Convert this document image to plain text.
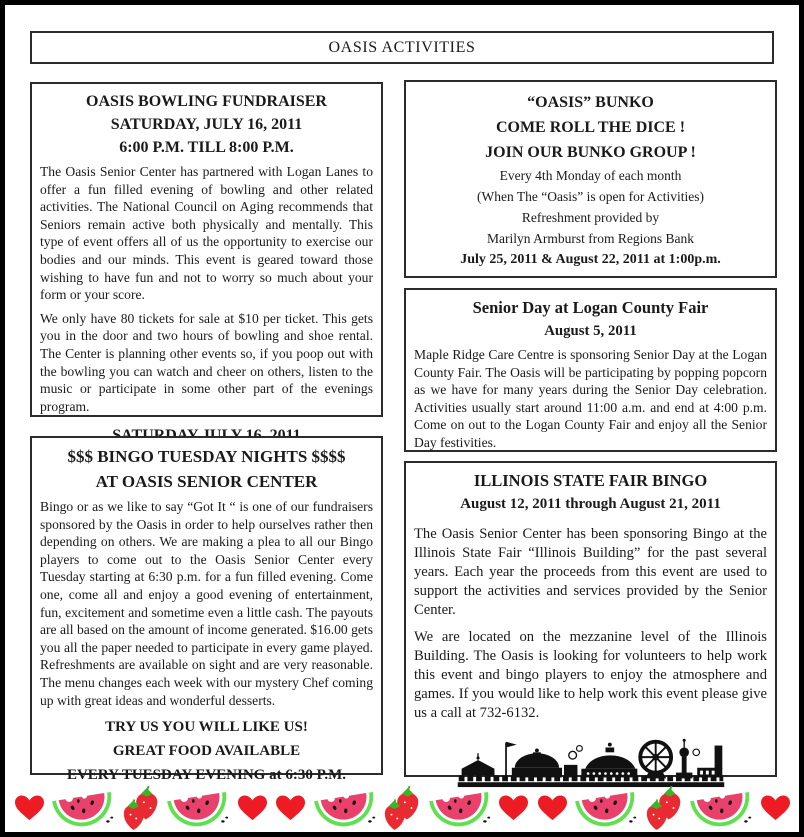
OASIS ACTIVITIES
OASIS BOWLING FUNDRAISER
SATURDAY, JULY 16, 2011
6:00 P.M. TILL 8:00 P.M.

The Oasis Senior Center has partnered with Logan Lanes to offer a fun filled evening of bowling and other related activities. The National Council on Aging recommends that Seniors remain active both physically and mentally. This type of event offers all of us the opportunity to exercise our bodies and our minds. This event is geared toward those wishing to have fun and not to worry so much about your form or your score.

We only have 80 tickets for sale at $10 per ticket. This gets you in the door and two hours of bowling and shoe rental. The Center is planning other events so, if you poop out with the bowling you can watch and cheer on others, listen to the music or participate in some other part of the evenings program.

$$$ BINGO TUESDAY NIGHTS $$$$
AT OASIS SENIOR CENTER

Bingo or as we like to say “Got It “ is one of our fundraisers sponsored by the Oasis in order to help ourselves rather then depending on others. We are making a plea to all our Bingo players to come out to the Oasis Senior Center every Tuesday starting at 6:30 p.m. for a fun filled evening. Come one, come all and enjoy a good evening of entertainment, fun, excitement and sometime even a little cash. The payouts are all based on the amount of income generated. $16.00 gets you all the paper needed to participate in every game played. Refreshments are available on sight and are very reasonable. The menu changes each week with our mystery Chef coming up with great ideas and wonderful desserts.

TRY US YOU WILL LIKE US!
GREAT FOOD AVAILABLE
EVERY TUESDAY EVENING at 6:30 P.M.
“OASIS” BUNKO
COME ROLL THE DICE !
JOIN OUR BUNKO GROUP !
Every 4th Monday of each month
(When The “Oasis” is open for Activities)
Refreshment provided by
Marilyn Armburst from Regions Bank
July 25, 2011 & August 22, 2011 at 1:00p.m.
Senior Day at Logan County Fair
August 5, 2011

Maple Ridge Care Centre is sponsoring Senior Day at the Logan County Fair. The Oasis will be participating by popping popcorn as we have for many years during the Senior Day celebration. Activities usually start around 11:00 a.m. and end at 4:00 p.m. Come on out to the Logan County Fair and enjoy all the Senior Day festivities.

ILLINOIS STATE FAIR BINGO
August 12, 2011 through August 21, 2011

The Oasis Senior Center has been sponsoring Bingo at the Illinois State Fair “Illinois Building” for the past several years. Each year the proceeds from this event are used to support the activities and services provided by the Senior Center.

We are located on the mezzanine level of the Illinois Building. The Oasis is looking for volunteers to help work this event and bingo players to enjoy the atmosphere and games. If you would like to help work this event please give us a call at 732-6132.
